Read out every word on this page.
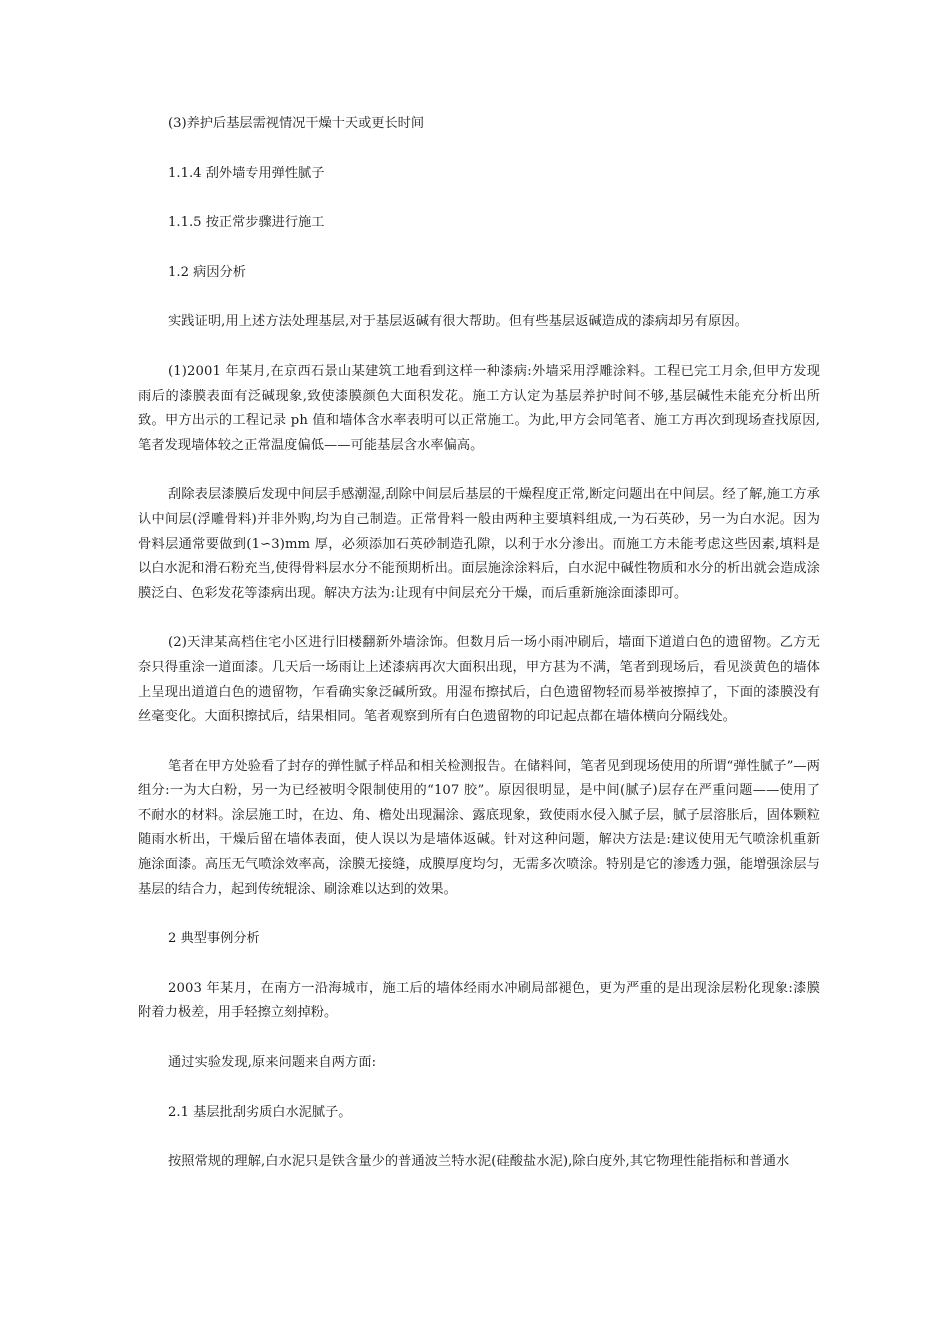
(3)养护后基层需视情况干燥十天或更长时间

1.1.4 刮外墙专用弹性腻子

1.1.5 按正常步骤进行施工

1.2 病因分析

实践证明,用上述方法处理基层,对于基层返碱有很大帮助。但有些基层返碱造成的漆病却另有原因。

(1)2001 年某月,在京西石景山某建筑工地看到这样一种漆病:外墙采用浮雕涂料。工程已完工月余,但甲方发现雨后的漆膜表面有泛碱现象,致使漆膜颜色大面积发花。施工方认定为基层养护时间不够,基层碱性未能充分析出所致。甲方出示的工程记录 ph 值和墙体含水率表明可以正常施工。为此,甲方会同笔者、施工方再次到现场查找原因,笔者发现墙体较之正常温度偏低——可能基层含水率偏高。

刮除表层漆膜后发现中间层手感潮湿,刮除中间层后基层的干燥程度正常,断定问题出在中间层。经了解,施工方承认中间层(浮雕骨料)并非外购,均为自己制造。正常骨料一般由两种主要填料组成,一为石英砂，另一为白水泥。因为骨料层通常要做到(1∽3)mm 厚，必须添加石英砂制造孔隙，以利于水分渗出。而施工方未能考虑这些因素,填料是以白水泥和滑石粉充当,使得骨料层水分不能预期析出。面层施涂涂料后，白水泥中碱性物质和水分的析出就会造成涂膜泛白、色彩发花等漆病出现。解决方法为:让现有中间层充分干燥，而后重新施涂面漆即可。

(2)天津某高档住宅小区进行旧楼翻新外墙涂饰。但数月后一场小雨冲刷后，墙面下道道白色的遗留物。乙方无奈只得重涂一道面漆。几天后一场雨让上述漆病再次大面积出现，甲方甚为不满，笔者到现场后，看见淡黄色的墙体上呈现出道道白色的遗留物，乍看确实象泛碱所致。用湿布擦拭后，白色遗留物轻而易举被擦掉了，下面的漆膜没有丝毫变化。大面积擦拭后，结果相同。笔者观察到所有白色遗留物的印记起点都在墙体横向分隔线处。

笔者在甲方处验看了封存的弹性腻子样品和相关检测报告。在储料间，笔者见到现场使用的所谓“弹性腻子”—两组分:一为大白粉，另一为已经被明令限制使用的“107 胶”。原因很明显，是中间(腻子)层存在严重问题——使用了不耐水的材料。涂层施工时，在边、角、檐处出现漏涂、露底现象，致使雨水侵入腻子层，腻子层溶胀后，固体颗粒随雨水析出，干燥后留在墙体表面，使人误以为是墙体返碱。针对这种问题，解决方法是:建议使用无气喷涂机重新施涂面漆。高压无气喷涂效率高，涂膜无接缝，成膜厚度均匀，无需多次喷涂。特别是它的渗透力强，能增强涂层与基层的结合力，起到传统辊涂、刷涂难以达到的效果。

2 典型事例分析

2003 年某月，在南方一沿海城市，施工后的墙体经雨水冲刷局部褪色，更为严重的是出现涂层粉化现象:漆膜附着力极差，用手轻擦立刻掉粉。

通过实验发现,原来问题来自两方面:

2.1 基层批刮劣质白水泥腻子。

按照常规的理解,白水泥只是铁含量少的普通波兰特水泥(硅酸盐水泥),除白度外,其它物理性能指标和普通水
